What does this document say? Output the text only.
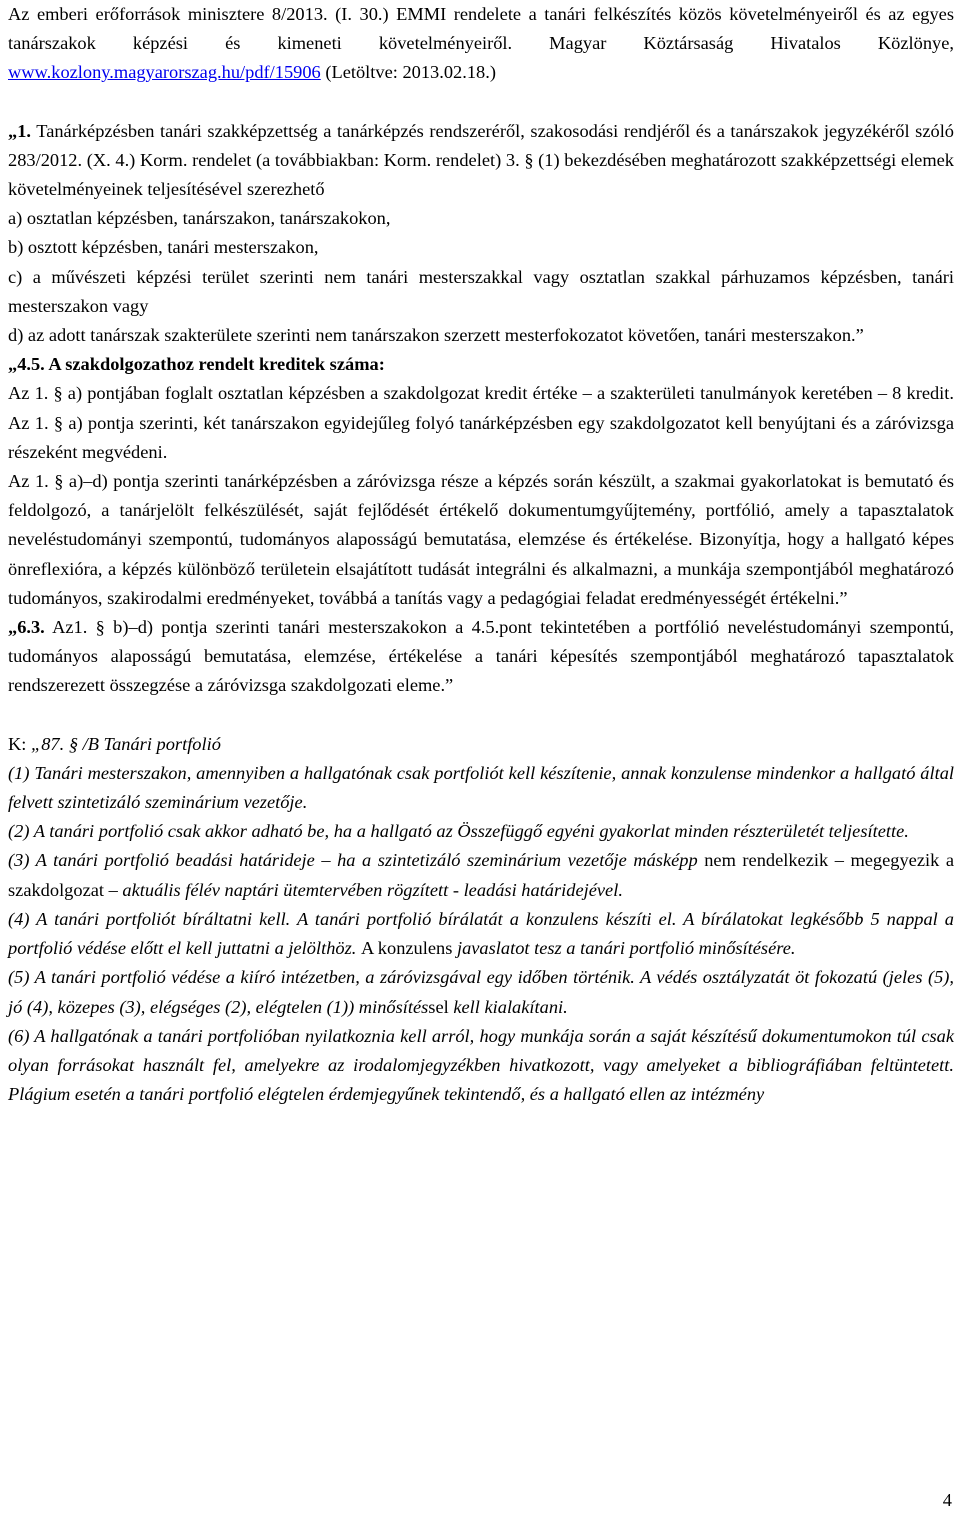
Az emberi erőforrások minisztere 8/2013. (I. 30.) EMMI rendelete a tanári felkészítés közös követelményeiről és az egyes tanárszakok képzési és kimeneti követelményeiről. Magyar Köztársaság Hivatalos Közlönye, www.kozlony.magyarorszag.hu/pdf/15906 (Letöltve: 2013.02.18.)

„1. Tanárképzésben tanári szakképzettség a tanárképzés rendszeréről, szakosodási rendjéről és a tanárszakok jegyzékéről szóló 283/2012. (X. 4.) Korm. rendelet (a továbbiakban: Korm. rendelet) 3. § (1) bekezdésében meghatározott szakképzettségi elemek követelményeinek teljesítésével szerezhető

a) osztatlan képzésben, tanárszakon, tanárszakokon,

b) osztott képzésben, tanári mesterszakon,

c) a művészeti képzési terület szerinti nem tanári mesterszakkal vagy osztatlan szakkal párhuzamos képzésben, tanári mesterszakon vagy

d) az adott tanárszak szakterülete szerinti nem tanárszakon szerzett mesterfokozatot követően, tanári mesterszakon.”

„4.5. A szakdolgozathoz rendelt kreditek száma:

Az 1. § a) pontjában foglalt osztatlan képzésben a szakdolgozat kredit értéke – a szakterületi tanulmányok keretében – 8 kredit. Az 1. § a) pontja szerinti, két tanárszakon egyidejűleg folyó tanárképzésben egy szakdolgozatot kell benyújtani és a záróvizsga részeként megvédeni.

Az 1. § a)–d) pontja szerinti tanárképzésben a záróvizsga része a képzés során készült, a szakmai gyakorlatokat is bemutató és feldolgozó, a tanárjelölt felkészülését, saját fejlődését értékelő dokumentumgyűjtemény, portfólió, amely a tapasztalatok neveléstudományi szempontú, tudományos alaposságú bemutatása, elemzése és értékelése. Bizonyítja, hogy a hallgató képes önreflexióra, a képzés különböző területein elsajátított tudását integrálni és alkalmazni, a munkája szempontjából meghatározó tudományos, szakirodalmi eredményeket, továbbá a tanítás vagy a pedagógiai feladat eredményességét értékelni.”

„6.3. Az1. § b)–d) pontja szerinti tanári mesterszakokon a 4.5.pont tekintetében a portfólió neveléstudományi szempontú, tudományos alaposságú bemutatása, elemzése, értékelése a tanári képesítés szempontjából meghatározó tapasztalatok rendszerezett összegzése a záróvizsga szakdolgozati eleme.”

K: „87. § /B Tanári portfolió

(1) Tanári mesterszakon, amennyiben a hallgatónak csak portfoliót kell készítenie, annak konzulense mindenkor a hallgató által felvett szintetizáló szeminárium vezetője.

(2) A tanári portfolió csak akkor adható be, ha a hallgató az Összefüggő egyéni gyakorlat minden részterületét teljesítette.

(3) A tanári portfolió beadási határideje – ha a szintetizáló szeminárium vezetője másképp nem rendelkezik – megegyezik a szakdolgozat – aktuális félév naptári ütemtervében rögzített - leadási határidejével.

(4) A tanári portfoliót bíráltatni kell. A tanári portfolió bírálatát a konzulens készíti el. A bírálatokat legkésőbb 5 nappal a portfolió védése előtt el kell juttatni a jelölthöz. A konzulens javaslatot tesz a tanári portfolió minősítésére.

(5) A tanári portfolió védése a kiíró intézetben, a záróvizsgával egy időben történik. A védés osztályzatát öt fokozatú (jeles (5), jó (4), közepes (3), elégséges (2), elégtelen (1)) minősítéssel kell kialakítani.

(6) A hallgatónak a tanári portfolióban nyilatkoznia kell arról, hogy munkája során a saját készítésű dokumentumokon túl csak olyan forrásokat használt fel, amelyekre az irodalomjegyzékben hivatkozott, vagy amelyeket a bibliográfiában feltüntetett. Plágium esetén a tanári portfolió elégtelen érdemjegyűnek tekintendő, és a hallgató ellen az intézmény

4
